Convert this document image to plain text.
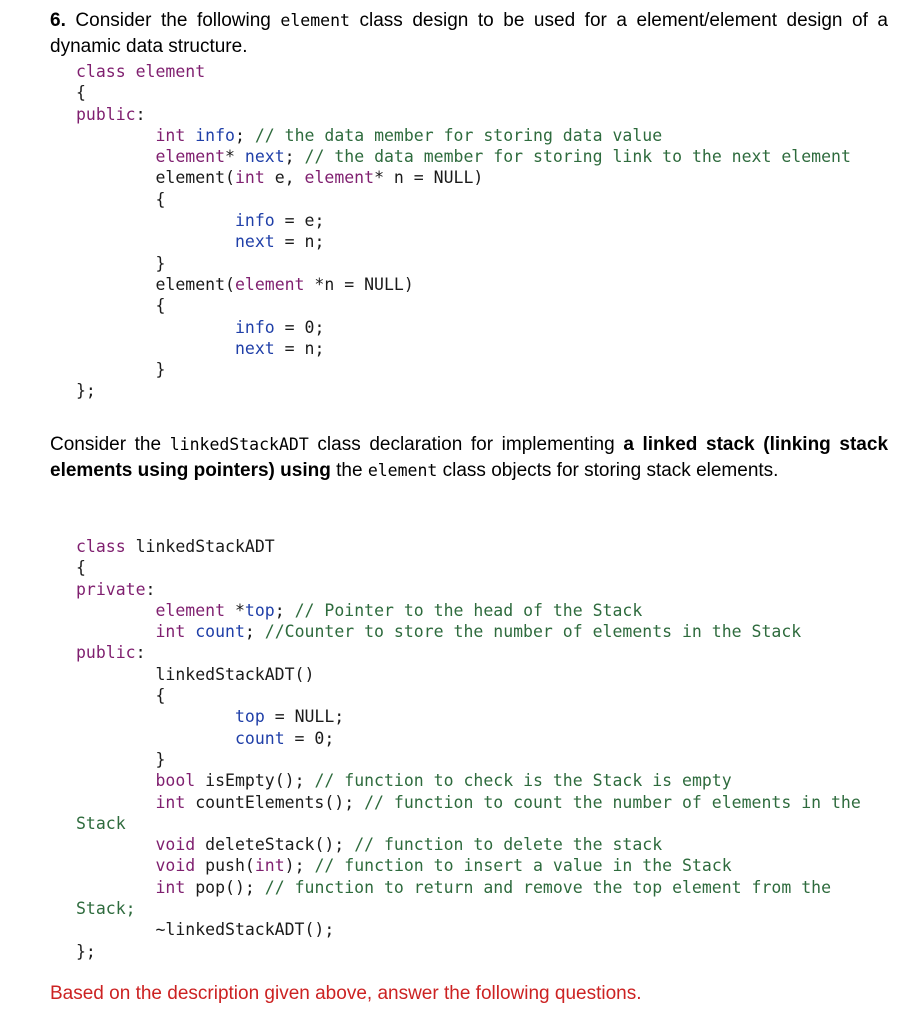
6. Consider the following element class design to be used for a element/element design of a dynamic data structure.
class element
{
public:
int info; // the data member for storing data value
element* next; // the data member for storing link to the next element
element(int e, element* n = NULL)
{
info = e;
next = n;
}
element(element *n = NULL)
{
info = 0;
next = n;
}
};
Consider the linkedStackADT class declaration for implementing a linked stack (linking stack elements using pointers) using the element class objects for storing stack elements.
class linkedStackADT
{
private:
element *top; // Pointer to the head of the Stack
int count; //Counter to store the number of elements in the Stack
public:
linkedStackADT()
{
top = NULL;
count = 0;
}
bool isEmpty(); // function to check is the Stack is empty
int countElements(); // function to count the number of elements in the
Stack
void deleteStack(); // function to delete the stack
void push(int); // function to insert a value in the Stack
int pop(); // function to return and remove the top element from the
Stack;
~linkedStackADT();
};
Based on the description given above, answer the following questions.
